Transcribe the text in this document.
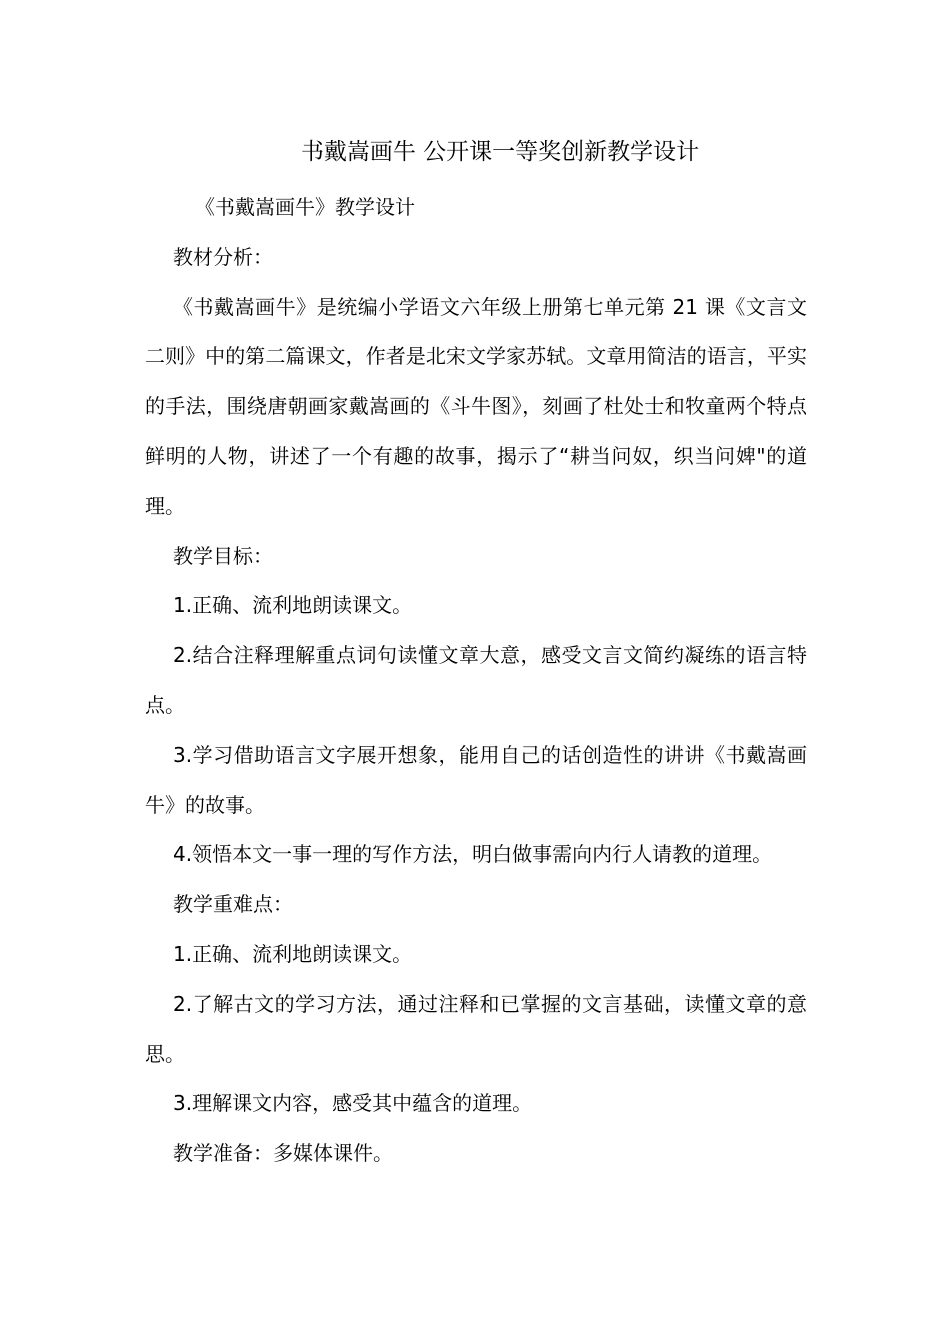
书戴嵩画牛 公开课一等奖创新教学设计

《书戴嵩画牛》教学设计

教材分析：

《书戴嵩画牛》是统编小学语文六年级上册第七单元第 21 课《文言文二则》中的第二篇课文，作者是北宋文学家苏轼。文章用简洁的语言，平实的手法，围绕唐朝画家戴嵩画的《斗牛图》，刻画了杜处士和牧童两个特点鲜明的人物，讲述了一个有趣的故事，揭示了“耕当问奴，织当问婢"的道理。

教学目标：

1.正确、流利地朗读课文。

2.结合注释理解重点词句读懂文章大意，感受文言文简约凝练的语言特点。

3.学习借助语言文字展开想象，能用自己的话创造性的讲讲《书戴嵩画牛》的故事。

4.领悟本文一事一理的写作方法，明白做事需向内行人请教的道理。

教学重难点：

1.正确、流利地朗读课文。

2.了解古文的学习方法，通过注释和已掌握的文言基础，读懂文章的意思。

3.理解课文内容，感受其中蕴含的道理。

教学准备：多媒体课件。
